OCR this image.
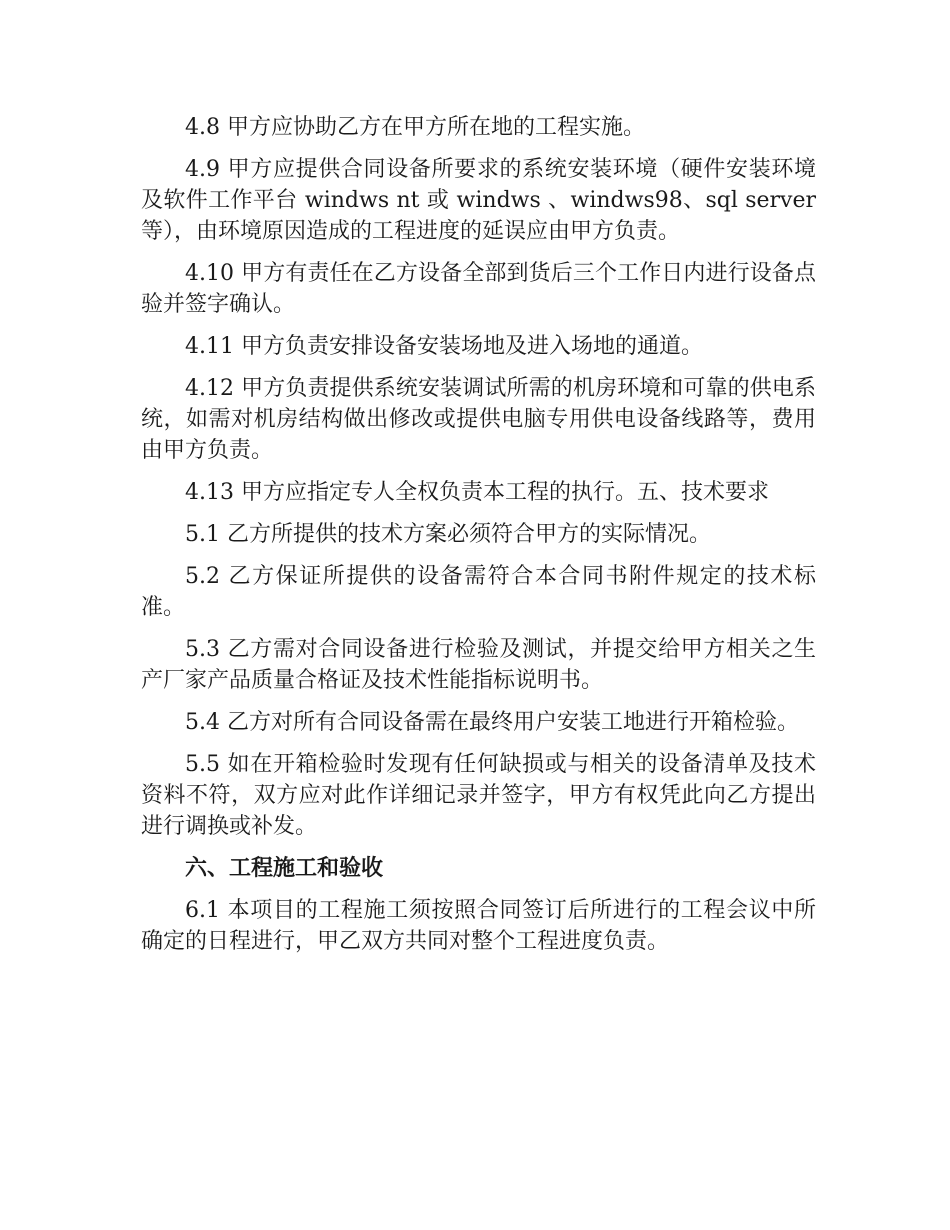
4.8 甲方应协助乙方在甲方所在地的工程实施。

4.9 甲方应提供合同设备所要求的系统安装环境（硬件安装环境及软件工作平台 windws nt 或 windws 、windws98、sql server 等），由环境原因造成的工程进度的延误应由甲方负责。

4.10 甲方有责任在乙方设备全部到货后三个工作日内进行设备点验并签字确认。

4.11 甲方负责安排设备安装场地及进入场地的通道。

4.12 甲方负责提供系统安装调试所需的机房环境和可靠的供电系统，如需对机房结构做出修改或提供电脑专用供电设备线路等，费用由甲方负责。

4.13 甲方应指定专人全权负责本工程的执行。五、技术要求

5.1 乙方所提供的技术方案必须符合甲方的实际情况。

5.2 乙方保证所提供的设备需符合本合同书附件规定的技术标准。

5.3 乙方需对合同设备进行检验及测试，并提交给甲方相关之生产厂家产品质量合格证及技术性能指标说明书。

5.4 乙方对所有合同设备需在最终用户安装工地进行开箱检验。

5.5 如在开箱检验时发现有任何缺损或与相关的设备清单及技术资料不符，双方应对此作详细记录并签字，甲方有权凭此向乙方提出进行调换或补发。

六、工程施工和验收

6.1 本项目的工程施工须按照合同签订后所进行的工程会议中所确定的日程进行，甲乙双方共同对整个工程进度负责。
